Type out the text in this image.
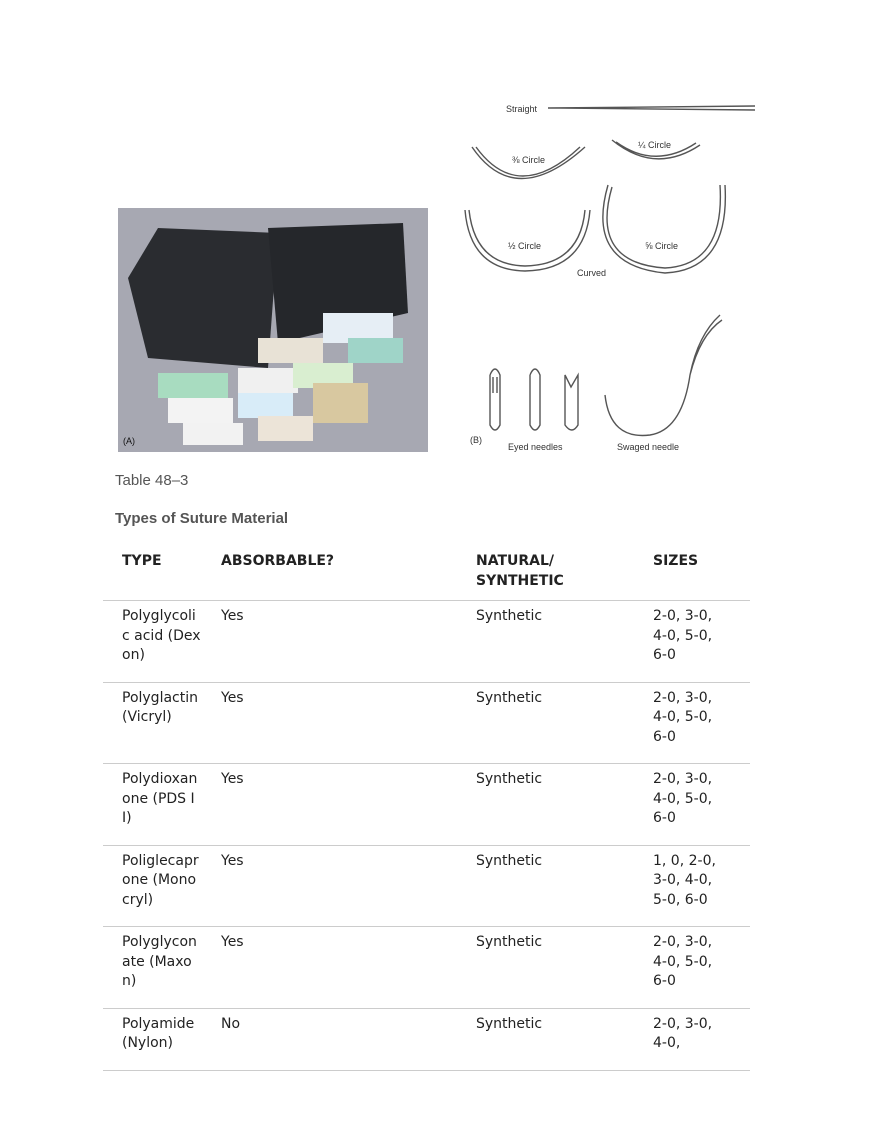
(A)
Straight
⅜ Circle
¼ Circle
½ Circle	⅝ Circle
Curved
(B)
Eyed needles	Swaged needle
Table 48–3
Types of Suture Material
TYPE	ABSORBABLE?	NATURAL/ SYNTHETIC	SIZES

Polyglycolic acid (Dexon)	Yes	Synthetic	2-0, 3-0, 4-0, 5-0, 6-0

Polyglactin (Vicryl)	Yes	Synthetic	2-0, 3-0, 4-0, 5-0, 6-0

Polydioxanone (PDS II)	Yes	Synthetic	2-0, 3-0, 4-0, 5-0, 6-0

Poliglecaprone (Monocryl)	Yes	Synthetic	1, 0, 2-0, 3-0, 4-0, 5-0, 6-0

Polyglyconate (Maxon)	Yes	Synthetic	2-0, 3-0, 4-0, 5-0, 6-0

Polyamide (Nylon)	No	Synthetic	2-0, 3-0, 4-0,
